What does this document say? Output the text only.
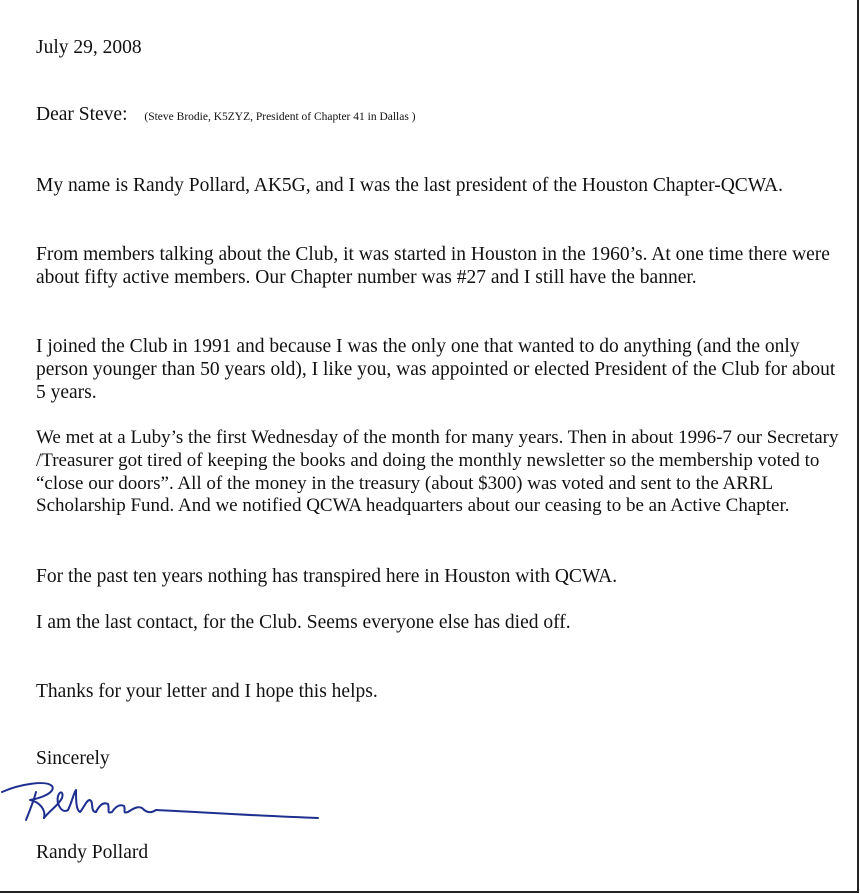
July 29, 2008
Dear Steve: (Steve Brodie, K5ZYZ, President of Chapter 41 in Dallas )
My name is Randy Pollard, AK5G, and I was the last president of the Houston Chapter-QCWA.
From members talking about the Club, it was started in Houston in the 1960’s. At one time there were about fifty active members. Our Chapter number was #27 and I still have the banner.
I joined the Club in 1991 and because I was the only one that wanted to do anything (and the only person younger than 50 years old), I like you, was appointed or elected President of the Club for about 5 years.
We met at a Luby’s the first Wednesday of the month for many years. Then in about 1996-7 our Secretary /Treasurer got tired of keeping the books and doing the monthly newsletter so the membership voted to “close our doors”. All of the money in the treasury (about $300) was voted and sent to the ARRL Scholarship Fund. And we notified QCWA headquarters about our ceasing to be an Active Chapter.
For the past ten years nothing has transpired here in Houston with QCWA.
I am the last contact, for the Club. Seems everyone else has died off.
Thanks for your letter and I hope this helps.
Sincerely
Randy Pollard
